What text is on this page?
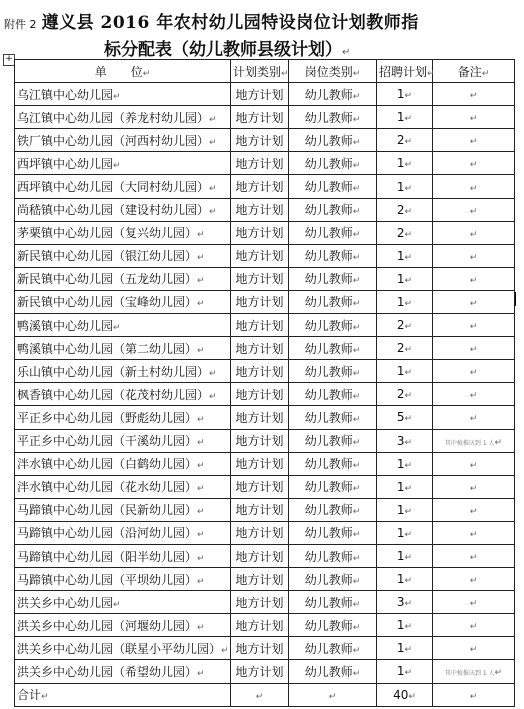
附件 2 遵义县 2016 年农村幼儿园特设岗位计划教师指
标分配表（幼儿教师县级计划）↵
+
单　　位↵	计划类别↵	岗位类别↵	招聘计划↵	备注↵
乌江镇中心幼儿园↵	地方计划	幼儿教师↵	1↵	↵
乌江镇中心幼儿园（养龙村幼儿园）↵	地方计划	幼儿教师↵	1↵	↵
铁厂镇中心幼儿园（河西村幼儿园）↵	地方计划	幼儿教师↵	2↵	↵
西坪镇中心幼儿园↵	地方计划	幼儿教师↵	1↵	↵
西坪镇中心幼儿园（大同村幼儿园）↵	地方计划	幼儿教师↵	1↵	↵
尚嵇镇中心幼儿园（建设村幼儿园）↵	地方计划	幼儿教师↵	2↵	↵
茅栗镇中心幼儿园（复兴幼儿园）↵	地方计划	幼儿教师↵	2↵	↵
新民镇中心幼儿园（银江幼儿园）↵	地方计划	幼儿教师↵	1↵	↵
新民镇中心幼儿园（五龙幼儿园）↵	地方计划	幼儿教师↵	1↵	↵
新民镇中心幼儿园（宝峰幼儿园）↵	地方计划	幼儿教师↵	1↵	↵
鸭溪镇中心幼儿园↵	地方计划	幼儿教师↵	2↵	↵
鸭溪镇中心幼儿园（第二幼儿园）↵	地方计划	幼儿教师↵	2↵	↵
乐山镇中心幼儿园（新土村幼儿园）↵	地方计划	幼儿教师↵	1↵	↵
枫香镇中心幼儿园（花茂村幼儿园）↵	地方计划	幼儿教师↵	2↵	↵
平正乡中心幼儿园（野彪幼儿园）↵	地方计划	幼儿教师↵	5↵	↵
平正乡中心幼儿园（干溪幼儿园）↵	地方计划	幼儿教师↵	3↵	其中植推庆到 1 人↵
泮水镇中心幼儿园（白鹤幼儿园）↵	地方计划	幼儿教师↵	1↵	↵
泮水镇中心幼儿园（花水幼儿园）↵	地方计划	幼儿教师↵	1↵	↵
马蹄镇中心幼儿园（民新幼儿园）↵	地方计划	幼儿教师↵	1↵	↵
马蹄镇中心幼儿园（沿河幼儿园）↵	地方计划	幼儿教师↵	1↵	↵
马蹄镇中心幼儿园（阳半幼儿园）↵	地方计划	幼儿教师↵	1↵	↵
马蹄镇中心幼儿园（平坝幼儿园）↵	地方计划	幼儿教师↵	1↵	↵
洪关乡中心幼儿园↵	地方计划	幼儿教师↵	3↵	↵
洪关乡中心幼儿园（河堰幼儿园）↵	地方计划	幼儿教师↵	1↵	↵
洪关乡中心幼儿园（联星小平幼儿园）↵	地方计划	幼儿教师↵	1↵	↵
洪关乡中心幼儿园（希望幼儿园）↵	地方计划	幼儿教师↵	1↵	其中植推庆到 1 人↵
合计↵	↵	↵	40↵	↵
